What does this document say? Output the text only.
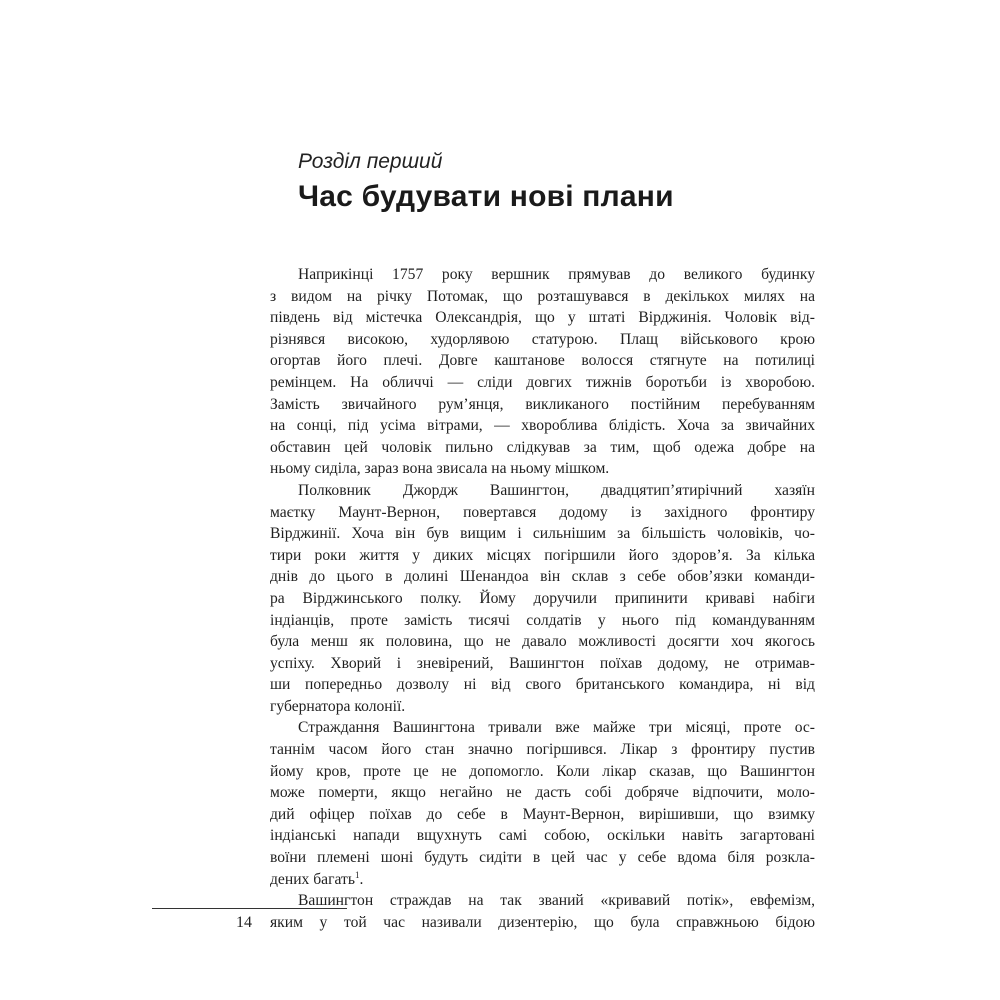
Розділ перший
Час будувати нові плани
Наприкінці 1757 року вершник прямував до великого будинку
з видом на річку Потомак, що розташувався в декількох милях на
південь від містечка Олександрія, що у штаті Вірджинія. Чоловік від-
різнявся високою, худорлявою статурою. Плащ військового крою
огортав його плечі. Довге каштанове волосся стягнуте на потилиці
ремінцем. На обличчі — сліди довгих тижнів боротьби із хворобою.
Замість звичайного рум’янця, викликаного постійним перебуванням
на сонці, під усіма вітрами, — хвороблива блідість. Хоча за звичайних
обставин цей чоловік пильно слідкував за тим, щоб одежа добре на
ньому сиділа, зараз вона звисала на ньому мішком.
Полковник Джордж Вашингтон, двадцятип’ятирічний хазяїн
маєтку Маунт-Вернон, повертався додому із західного фронтиру
Вірджинії. Хоча він був вищим і сильнішим за більшість чоловіків, чо-
тири роки життя у диких місцях погіршили його здоров’я. За кілька
днів до цього в долині Шенандоа він склав з себе обов’язки команди-
ра Вірджинського полку. Йому доручили припинити криваві набіги
індіанців, проте замість тисячі солдатів у нього під командуванням
була менш як половина, що не давало можливості досягти хоч якогось
успіху. Хворий і зневірений, Вашингтон поїхав додому, не отримав-
ши попередньо дозволу ні від свого британського командира, ні від
губернатора колонії.
Страждання Вашингтона тривали вже майже три місяці, проте ос-
таннім часом його стан значно погіршився. Лікар з фронтиру пустив
йому кров, проте це не допомогло. Коли лікар сказав, що Вашингтон
може померти, якщо негайно не дасть собі добряче відпочити, моло-
дий офіцер поїхав до себе в Маунт-Вернон, вирішивши, що взимку
індіанські напади вщухнуть самі собою, оскільки навіть загартовані
воїни племені шоні будуть сидіти в цей час у себе вдома біля розкла-
дених багать$^1$.
Вашингтон страждав на так званий «кривавий потік», евфемізм,
яким у той час називали дизентерію, що була справжньою бідою
14
